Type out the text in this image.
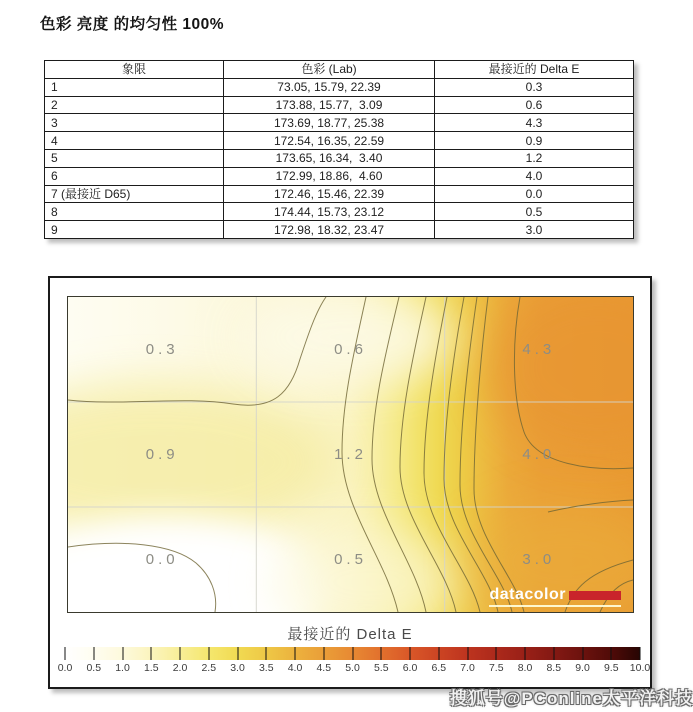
色彩 亮度 的均匀性 100%
象限	色彩 (Lab)	最接近的 Delta E
1	73.05, 15.79, 22.39	0.3
2	173.88, 15.77,  3.09	0.6
3	173.69, 18.77, 25.38	4.3
4	172.54, 16.35, 22.59	0.9
5	173.65, 16.34,  3.40	1.2
6	172.99, 18.86,  4.60	4.0
7 (最接近 D65)	172.46, 15.46, 22.39	0.0
8	174.44, 15.73, 23.12	0.5
9	172.98, 18.32, 23.47	3.0
0.3	0.6	4.3
0.9	1.2	4.0
0.0	0.5	3.0
datacolor
最接近的 Delta E
0.0 0.5 1.0 1.5 2.0 2.5 3.0 3.5 4.0 4.5 5.0 5.5 6.0 6.5 7.0 7.5 8.0 8.5 9.0 9.5 10.0
搜狐号@PConline太平洋科技
